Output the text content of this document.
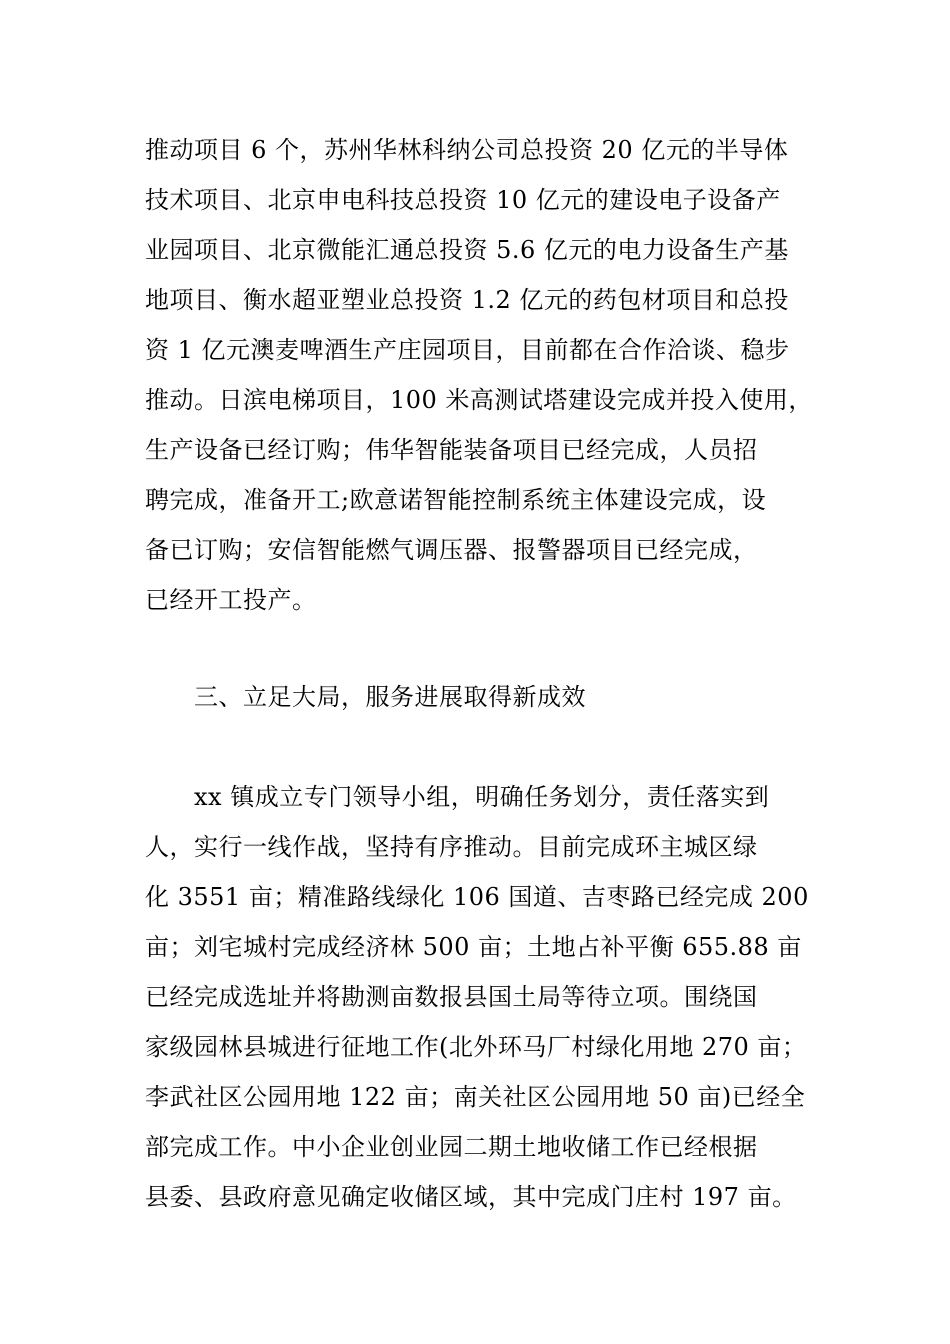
推动项目 6 个，苏州华林科纳公司总投资 20 亿元的半导体
技术项目、北京申电科技总投资 10 亿元的建设电子设备产
业园项目、北京微能汇通总投资 5.6 亿元的电力设备生产基
地项目、衡水超亚塑业总投资 1.2 亿元的药包材项目和总投
资 1 亿元澳麦啤酒生产庄园项目，目前都在合作洽谈、稳步
推动。日滨电梯项目，100 米高测试塔建设完成并投入使用，
生产设备已经订购；伟华智能装备项目已经完成，人员招
聘完成，准备开工;欧意诺智能控制系统主体建设完成，设
备已订购；安信智能燃气调压器、报警器项目已经完成，
已经开工投产。
三、立足大局，服务进展取得新成效
xx 镇成立专门领导小组，明确任务划分，责任落实到
人，实行一线作战，坚持有序推动。目前完成环主城区绿
化 3551 亩；精准路线绿化 106 国道、吉枣路已经完成 200
亩；刘宅城村完成经济林 500 亩；土地占补平衡 655.88 亩
已经完成选址并将勘测亩数报县国土局等待立项。围绕国
家级园林县城进行征地工作(北外环马厂村绿化用地 270 亩；
李武社区公园用地 122 亩；南关社区公园用地 50 亩)已经全
部完成工作。中小企业创业园二期土地收储工作已经根据
县委、县政府意见确定收储区域，其中完成门庄村 197 亩。
